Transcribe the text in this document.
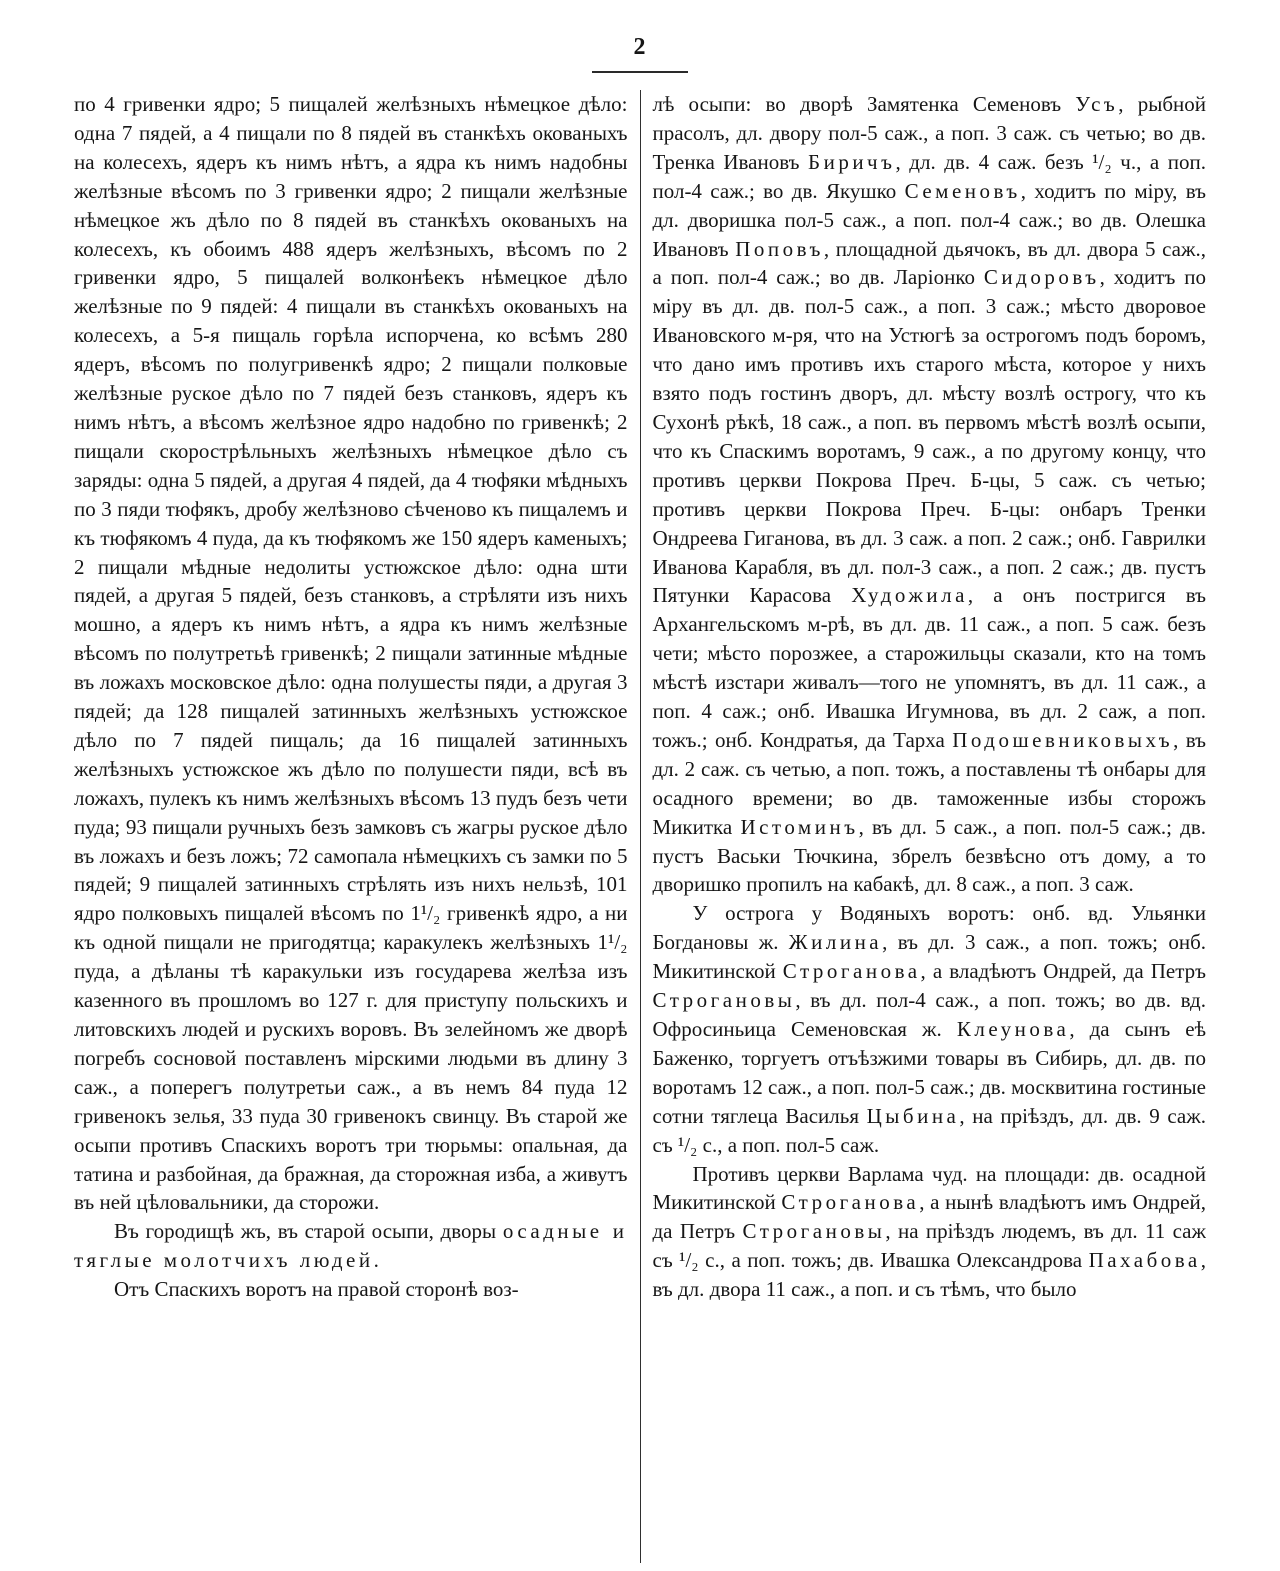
2

по 4 гривенки ядро; 5 пищалей желѣзныхъ нѣмецкое дѣло: одна 7 пядей, а 4 пищали по 8 пядей въ станкѣхъ окованыхъ на колесехъ, ядеръ къ нимъ нѣтъ, а ядра къ нимъ надобны желѣзные вѣсомъ по 3 гривенки ядро; 2 пищали желѣзные нѣмецкое жъ дѣло по 8 пядей въ станкѣхъ окованыхъ на колесехъ, къ обоимъ 488 ядеръ желѣзныхъ, вѣсомъ по 2 гривенки ядро, 5 пищалей волконѣекъ нѣмецкое дѣло желѣзные по 9 пядей: 4 пищали въ станкѣхъ окованыхъ на колесехъ, а 5-я пищаль горѣла испорчена, ко всѣмъ 280 ядеръ, вѣсомъ по полугривенкѣ ядро; 2 пищали полковые желѣзные руское дѣло по 7 пядей безъ станковъ, ядеръ къ нимъ нѣтъ, а вѣсомъ желѣзное ядро надобно по гривенкѣ; 2 пищали скорострѣльныхъ желѣзныхъ нѣмецкое дѣло съ заряды: одна 5 пядей, а другая 4 пядей, да 4 тюфяки мѣдныхъ по 3 пяди тюфякъ, дробу желѣзново сѣченово къ пищалемъ и къ тюфякомъ 4 пуда, да къ тюфякомъ же 150 ядеръ каменыхъ; 2 пищали мѣдные недолиты устюжское дѣло: одна шти пядей, а другая 5 пядей, безъ станковъ, а стрѣляти изъ нихъ мошно, а ядеръ къ нимъ нѣтъ, а ядра къ нимъ желѣзные вѣсомъ по полутретьѣ гривенкѣ; 2 пищали затинные мѣдные въ ложахъ московское дѣло: одна полушесты пяди, а другая 3 пядей; да 128 пищалей затинныхъ желѣзныхъ устюжское дѣло по 7 пядей пищаль; да 16 пищалей затинныхъ желѣзныхъ устюжское жъ дѣло по полушести пяди, всѣ въ ложахъ, пулекъ къ нимъ желѣзныхъ вѣсомъ 13 пудъ безъ чети пуда; 93 пищали ручныхъ безъ замковъ съ жагры руское дѣло въ ложахъ и безъ ложъ; 72 самопала нѣмецкихъ съ замки по 5 пядей; 9 пищалей затинныхъ стрѣлять изъ нихъ нельзѣ, 101 ядро полковыхъ пищалей вѣсомъ по 1¹/₂ гривенкѣ ядро, а ни къ одной пищали не пригодятца; каракулекъ желѣзныхъ 1¹/₂ пуда, а дѣланы тѣ каракульки изъ государева желѣза изъ казенного въ прошломъ во 127 г. для приступу польскихъ и литовскихъ людей и рускихъ воровъ. Въ зелейномъ же дворѣ погребъ сосновой поставленъ мірскими людьми въ длину 3 саж., а поперегъ полутретьи саж., а въ немъ 84 пуда 12 гривенокъ зелья, 33 пуда 30 гривенокъ свинцу. Въ старой же осыпи противъ Спаскихъ воротъ три тюрьмы: опальная, да татина и разбойная, да бражная, да сторожная изба, а живутъ въ ней цѣловальники, да сторожи.

Въ городищѣ жъ, въ старой осыпи, дворы осадные и тяглые молотчихъ людей.

Отъ Спаскихъ воротъ на правой сторонѣ воз-

лѣ осыпи: во дворѣ Замятенка Семеновъ Усъ, рыбной прасолъ, дл. двору пол-5 саж., а поп. 3 саж. съ четью; во дв. Тренка Ивановъ Биричъ, дл. дв. 4 саж. безъ ¹/₂ ч., а поп. пол-4 саж.; во дв. Якушко Семеновъ, ходитъ по міру, въ дл. дворишка пол-5 саж., а поп. пол-4 саж.; во дв. Олешка Ивановъ Поповъ, площадной дьячокъ, въ дл. двора 5 саж., а поп. пол-4 саж.; во дв. Ларіонко Сидоровъ, ходитъ по міру въ дл. дв. пол-5 саж., а поп. 3 саж.; мѣсто дворовое Ивановского м-ря, что на Устюгѣ за острогомъ подъ боромъ, что дано имъ противъ ихъ старого мѣста, которое у нихъ взято подъ гостинъ дворъ, дл. мѣсту возлѣ острогу, что къ Сухонѣ рѣкѣ, 18 саж., а поп. въ первомъ мѣстѣ возлѣ осыпи, что къ Спаскимъ воротамъ, 9 саж., а по другому концу, что противъ церкви Покрова Преч. Б-цы, 5 саж. съ четью; противъ церкви Покрова Преч. Б-цы: онбаръ Тренки Ондреева Гиганова, въ дл. 3 саж. а поп. 2 саж.; онб. Гаврилки Иванова Карабля, въ дл. пол-3 саж., а поп. 2 саж.; дв. пустъ Пятунки Карасова Художила, а онъ постригся въ Архангельскомъ м-рѣ, въ дл. дв. 11 саж., а поп. 5 саж. безъ чети; мѣсто порозжее, а старожильцы сказали, кто на томъ мѣстѣ изстари живалъ—того не упомнятъ, въ дл. 11 саж., а поп. 4 саж.; онб. Ивашка Игумнова, въ дл. 2 саж, а поп. тожъ.; онб. Кондратья, да Тарха Подошевниковыхъ, въ дл. 2 саж. съ четью, а поп. тожъ, а поставлены тѣ онбары для осадного времени; во дв. таможенные избы сторожъ Микитка Истоминъ, въ дл. 5 саж., а поп. пол-5 саж.; дв. пустъ Васьки Тючкина, збрелъ безвѣсно отъ дому, а то дворишко пропилъ на кабакѣ, дл. 8 саж., а поп. 3 саж.

У острога у Водяныхъ воротъ: онб. вд. Ульянки Богдановы ж. Жилина, въ дл. 3 саж., а поп. тожъ; онб. Микитинской Строганова, а владѣютъ Ондрей, да Петръ Строгановы, въ дл. пол-4 саж., а поп. тожъ; во дв. вд. Офросиньица Семеновская ж. Клеунова, да сынъ еѣ Баженко, торгуетъ отъѣзжими товары въ Сибирь, дл. дв. по воротамъ 12 саж., а поп. пол-5 саж.; дв. москвитина гостиные сотни тяглеца Василья Цыбина, на пріѣздъ, дл. дв. 9 саж. съ ¹/₂ с., а поп. пол-5 саж.

Противъ церкви Варлама чуд. на площади: дв. осадной Микитинской Строганова, а нынѣ владѣютъ имъ Ондрей, да Петръ Строгановы, на пріѣздъ людемъ, въ дл. 11 саж съ ¹/₂ с., а поп. тожъ; дв. Ивашка Олександрова Пахабова, въ дл. двора 11 саж., а поп. и съ тѣмъ, что было
